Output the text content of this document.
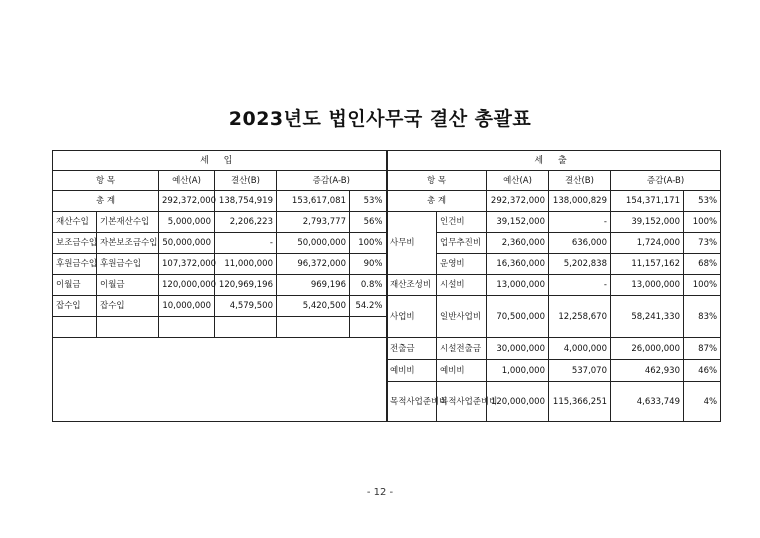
2023년도 법인사무국 결산 총괄표
세 입					
항 목		예산(A)	결산(B)	증감(A-B)	
총 계		292,372,000	138,754,919	153,617,081	53%
재산수입	기본재산수입	5,000,000	2,206,223	2,793,777	56%
보조금수입	자본보조금수입	50,000,000	-	50,000,000	100%
후원금수입	후원금수입	107,372,000	11,000,000	96,372,000	90%
이월금	이월금	120,000,000	120,969,196	969,196	0.8%
잡수입	잡수입	10,000,000	4,579,500	5,420,500	54.2%

세 출					
항 목		예산(A)	결산(B)	증감(A-B)	
총 계		292,372,000	138,000,829	154,371,171	53%
사무비	인건비	39,152,000	-	39,152,000	100%
	업무추진비	2,360,000	636,000	1,724,000	73%
	운영비	16,360,000	5,202,838	11,157,162	68%
재산조성비	시설비	13,000,000	-	13,000,000	100%
사업비	일반사업비	70,500,000	12,258,670	58,241,330	83%
전출금	시설전출금	30,000,000	4,000,000	26,000,000	87%
예비비	예비비	1,000,000	537,070	462,930	46%
목적사업준비비	목적사업준비비	120,000,000	115,366,251	4,633,749	4%
- 12 -
